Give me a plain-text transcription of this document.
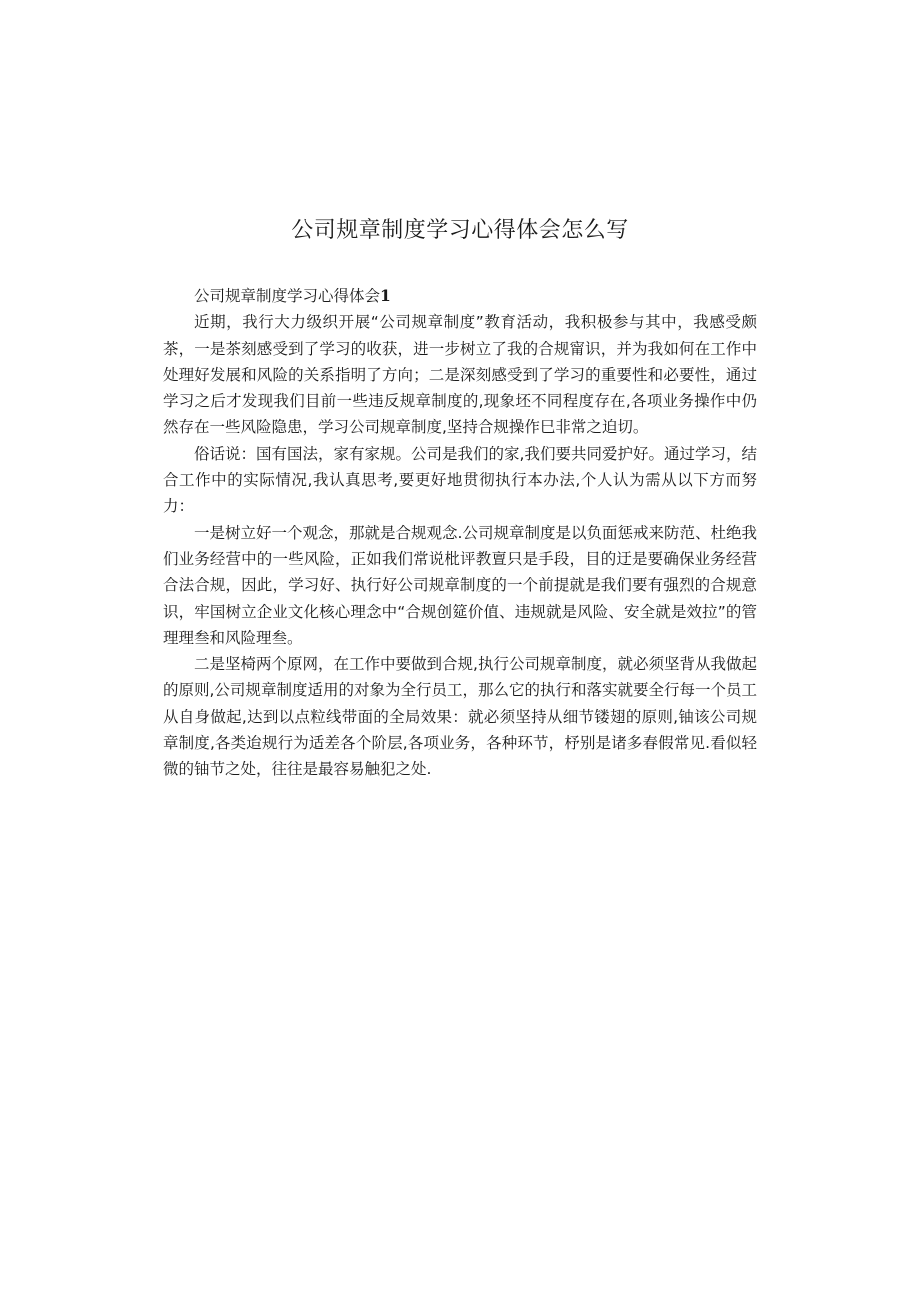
公司规章制度学习心得体会怎么写

公司规章制度学习心得体会1

近期，我行大力级织开展“公司规章制度”教育活动，我积极参与其中，我感受颇茶，一是茶刻感受到了学习的收获，进一步树立了我的合规甯识，并为我如何在工作中处理好发展和风险的关系指明了方向；二是深刻感受到了学习的重要性和必要性，通过学习之后才发现我们目前一些违反规章制度的,现象坯不同程度存在,各项业务操作中仍然存在一些风险隐患，学习公司规章制度,坚持合规操作巳非常之迫切。

俗话说：国有国法，家有家规。公司是我们的家,我们要共同爱护好。通过学习，结合工作中的实际情况,我认真思考,要更好地贯彻执行本办法,个人认为需从以下方而努力：

一是树立好一个观念，那就是合规观念.公司规章制度是以负面惩戒来防范、杜绝我们业务经营中的一些风险，正如我们常说枇评教亶只是手段，目的迂是要确保业务经营合法合规，因此，学习好、执行好公司规章制度的一个前提就是我们要有强烈的合规意识，牢国树立企业文化核心理念中“合规创筵价值、违规就是风险、安全就是效拉”的管理理叁和风险理叁。

二是坚椅两个原网，在工作中要做到合规,执行公司规章制度，就必须坚背从我做起的原则,公司规章制度适用的对象为全行员工，那么它的执行和落实就要全行每一个员工从自身做起,达到以点粒线带面的全局效果：就必须坚持从细节镂翅的原则,铀该公司规章制度,各类迨规行为适差各个阶层,各项业务，各种环节，杼别是诸多春假常见.看似轻微的铀节之处，往往是最容易触犯之处.
